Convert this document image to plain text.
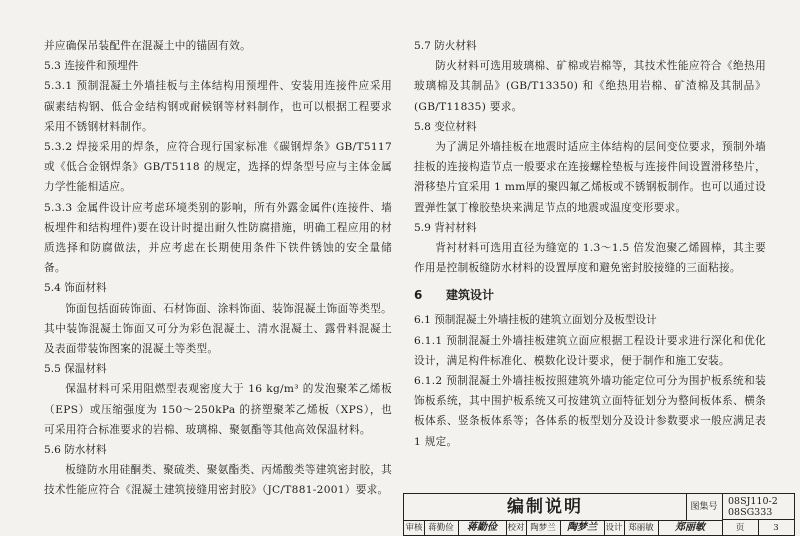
并应确保吊装配件在混凝土中的锚固有效。

5.3 连接件和预埋件

5.3.1 预制混凝土外墙挂板与主体结构用预埋件、安装用连接件应采用碳素结构钢、低合金结构钢或耐候钢等材料制作，也可以根据工程要求采用不锈钢材料制作。

5.3.2 焊接采用的焊条，应符合现行国家标准《碳钢焊条》GB/T5117 或《低合金钢焊条》GB/T5118 的规定，选择的焊条型号应与主体金属力学性能相适应。

5.3.3 金属件设计应考虑环境类别的影响，所有外露金属件(连接件、墙板埋件和结构埋件)要在设计时提出耐久性防腐措施，明确工程应用的材质选择和防腐做法，并应考虑在长期使用条件下铁件锈蚀的安全量储备。

5.4 饰面材料

饰面包括面砖饰面、石材饰面、涂料饰面、装饰混凝土饰面等类型。其中装饰混凝土饰面又可分为彩色混凝土、清水混凝土、露骨料混凝土及表面带装饰图案的混凝土等类型。

5.5 保温材料

保温材料可采用阻燃型表观密度大于 16 kg/m³ 的发泡聚苯乙烯板（EPS）或压缩强度为 150～250kPa 的挤塑聚苯乙烯板（XPS），也可采用符合标准要求的岩棉、玻璃棉、聚氨酯等其他高效保温材料。

5.6 防水材料

板缝防水用硅酮类、聚硫类、聚氨酯类、丙烯酸类等建筑密封胶，其技术性能应符合《混凝土建筑接缝用密封胶》（JC/T881-2001）要求。

5.7 防火材料

防火材料可选用玻璃棉、矿棉或岩棉等，其技术性能应符合《绝热用玻璃棉及其制品》(GB/T13350) 和《绝热用岩棉、矿渣棉及其制品》(GB/T11835) 要求。

5.8 变位材料

为了满足外墙挂板在地震时适应主体结构的层间变位要求，预制外墙挂板的连接构造节点一般要求在连接螺栓垫板与连接件间设置滑移垫片，滑移垫片宜采用 1 mm厚的聚四氟乙烯板或不锈钢板制作。也可以通过设置弹性氯丁橡胶垫块来满足节点的地震或温度变形要求。

5.9 背衬材料

背衬材料可选用直径为缝宽的 1.3～1.5 倍发泡聚乙烯圆棒，其主要作用是控制板缝防水材料的设置厚度和避免密封胶接缝的三面粘接。

6 建筑设计

6.1 预制混凝土外墙挂板的建筑立面划分及板型设计

6.1.1 预制混凝土外墙挂板建筑立面应根据工程设计要求进行深化和优化设计，满足构件标准化、模数化设计要求，便于制作和施工安装。

6.1.2 预制混凝土外墙挂板按照建筑外墙功能定位可分为围护板系统和装饰板系统，其中围护板系统又可按建筑立面特征划分为整间板体系、横条板体系、竖条板体系等；各体系的板型划分及设计参数要求一般应满足表 1 规定。

编制说明	图集号	08SJ110-2
08SG333
审核 蒋勤俭	蒋勤俭	校对 陶梦兰	陶梦兰 设计 郑丽敏	郑丽敏	页	3
